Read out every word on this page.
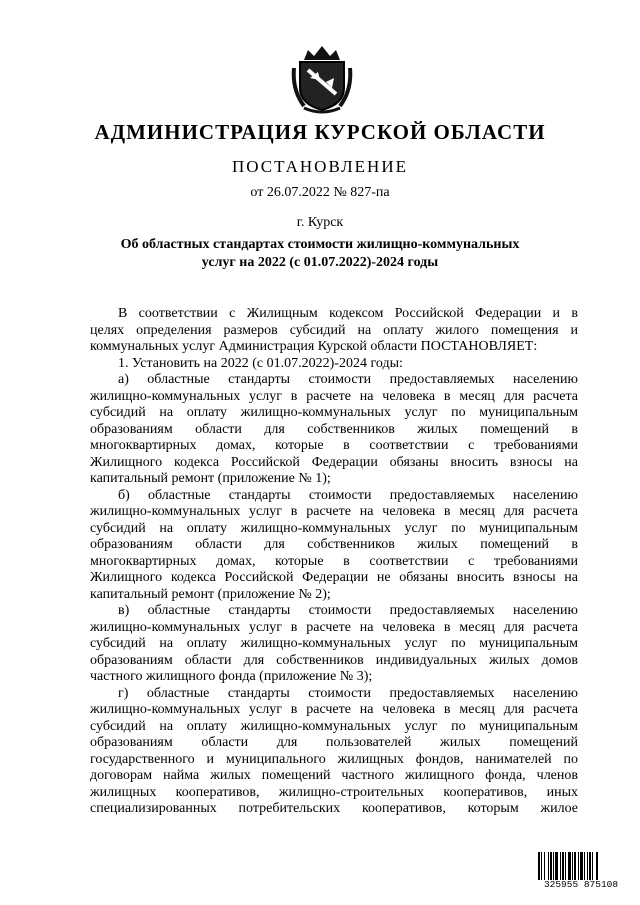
АДМИНИСТРАЦИЯ КУРСКОЙ ОБЛАСТИ
ПОСТАНОВЛЕНИЕ
от 26.07.2022 № 827-па
г. Курск
Об областных стандартах стоимости жилищно-коммунальных
услуг на 2022 (с 01.07.2022)-2024 годы

В соответствии с Жилищным кодексом Российской Федерации и в

целях определения размеров субсидий на оплату жилого помещения и

коммунальных услуг Администрация Курской области ПОСТАНОВЛЯЕТ:

1. Установить на 2022 (с 01.07.2022)-2024 годы:

а) областные стандарты стоимости предоставляемых населению

жилищно-коммунальных услуг в расчете на человека в месяц для расчета

субсидий на оплату жилищно-коммунальных услуг по муниципальным

образованиям области для собственников жилых помещений в

многоквартирных домах, которые в соответствии с требованиями

Жилищного кодекса Российской Федерации обязаны вносить взносы на

капитальный ремонт (приложение № 1);

б) областные стандарты стоимости предоставляемых населению

жилищно-коммунальных услуг в расчете на человека в месяц для расчета

субсидий на оплату жилищно-коммунальных услуг по муниципальным

образованиям области для собственников жилых помещений в

многоквартирных домах, которые в соответствии с требованиями

Жилищного кодекса Российской Федерации не обязаны вносить взносы на

капитальный ремонт (приложение № 2);

в) областные стандарты стоимости предоставляемых населению

жилищно-коммунальных услуг в расчете на человека в месяц для расчета

субсидий на оплату жилищно-коммунальных услуг по муниципальным

образованиям области для собственников индивидуальных жилых домов

частного жилищного фонда (приложение № 3);

г) областные стандарты стоимости предоставляемых населению

жилищно-коммунальных услуг в расчете на человека в месяц для расчета

субсидий на оплату жилищно-коммунальных услуг по муниципальным

образованиям области для пользователей жилых помещений

государственного и муниципального жилищных фондов, нанимателей по

договорам найма жилых помещений частного жилищного фонда, членов

жилищных кооперативов, жилищно-строительных кооперативов, иных

специализированных потребительских кооперативов, которым жилое

325955 875108
